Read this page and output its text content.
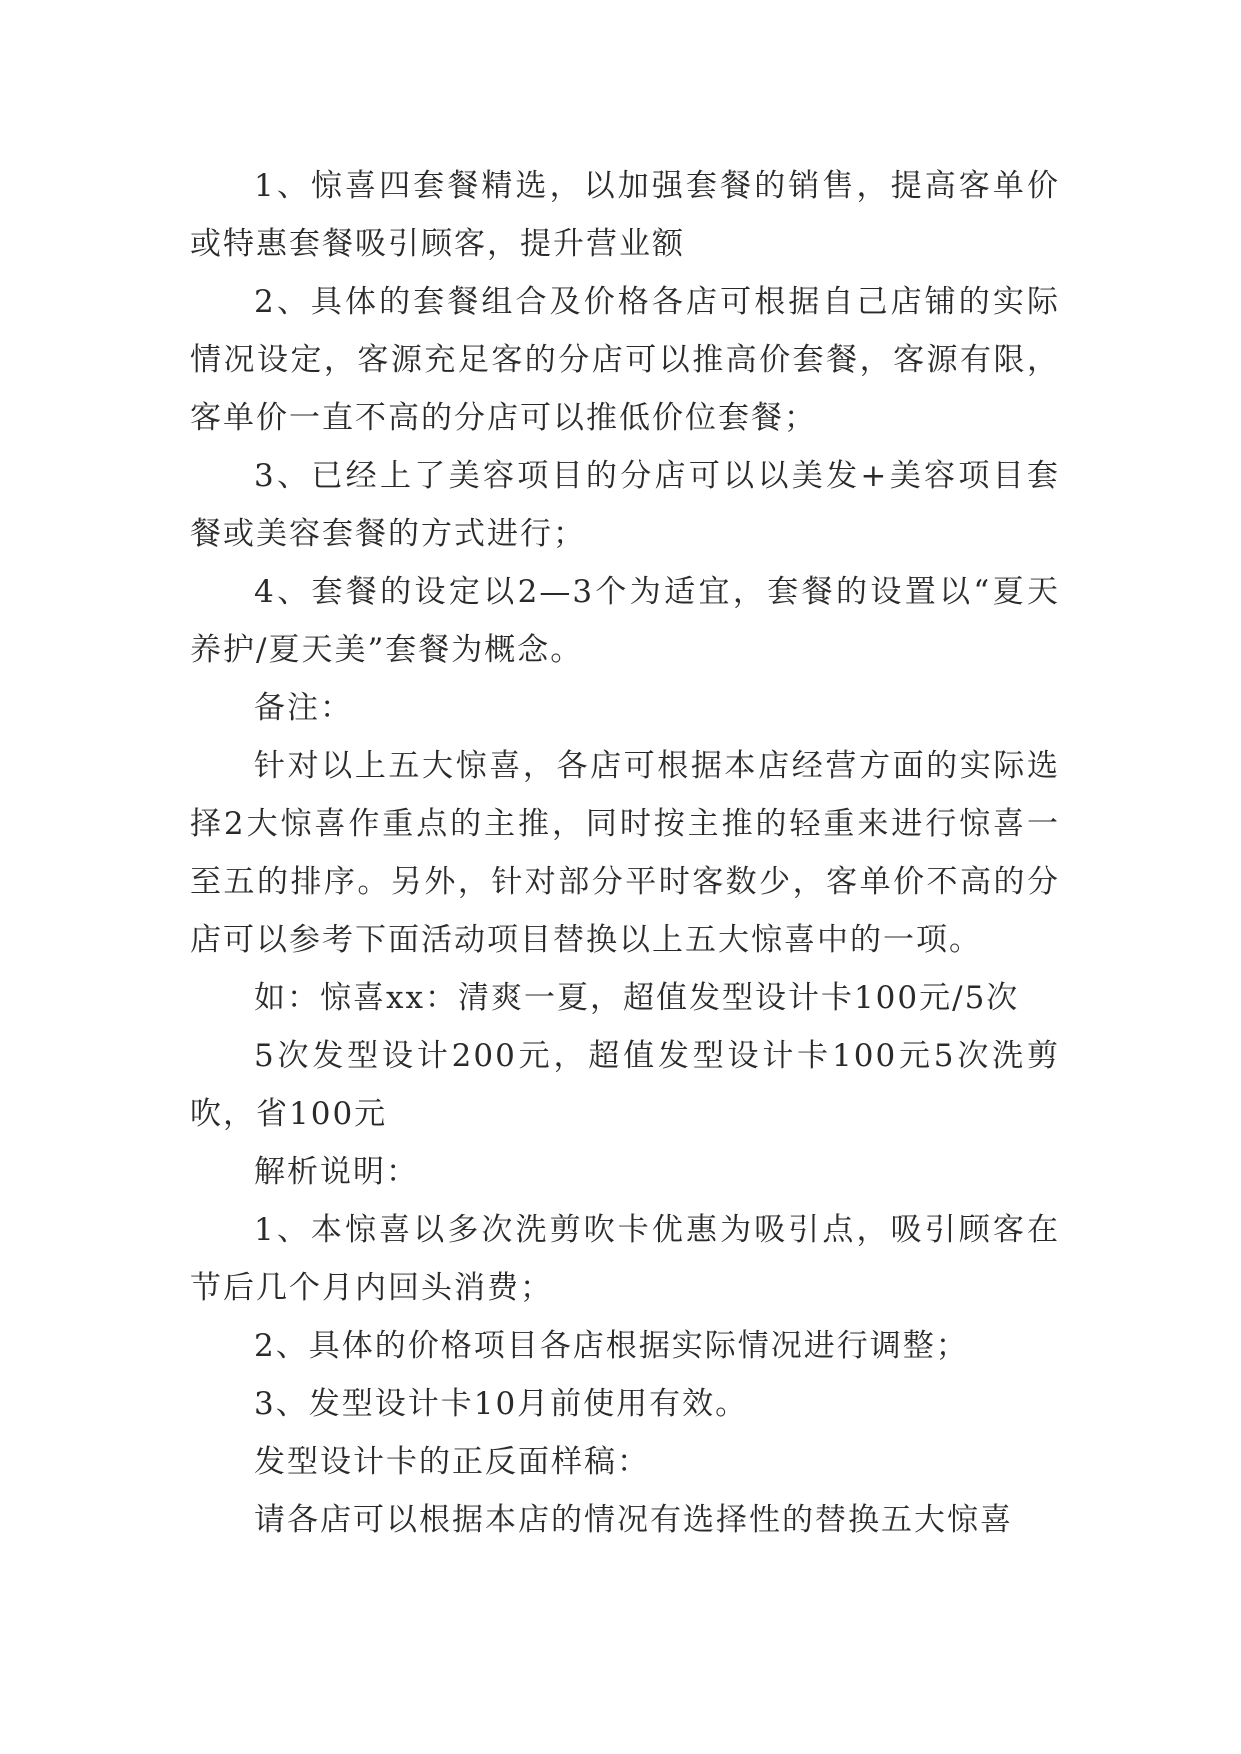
1、惊喜四套餐精选，以加强套餐的销售，提高客单价或特惠套餐吸引顾客，提升营业额

2、具体的套餐组合及价格各店可根据自己店铺的实际情况设定，客源充足客的分店可以推高价套餐，客源有限，客单价一直不高的分店可以推低价位套餐；

3、已经上了美容项目的分店可以以美发+美容项目套餐或美容套餐的方式进行；

4、套餐的设定以2—3个为适宜，套餐的设置以“夏天养护/夏天美”套餐为概念。

备注：

针对以上五大惊喜，各店可根据本店经营方面的实际选择2大惊喜作重点的主推，同时按主推的轻重来进行惊喜一至五的排序。另外，针对部分平时客数少，客单价不高的分店可以参考下面活动项目替换以上五大惊喜中的一项。

如：惊喜xx：清爽一夏，超值发型设计卡100元/5次

5次发型设计200元，超值发型设计卡100元5次洗剪吹，省100元

解析说明：

1、本惊喜以多次洗剪吹卡优惠为吸引点，吸引顾客在节后几个月内回头消费；

2、具体的价格项目各店根据实际情况进行调整；

3、发型设计卡10月前使用有效。

发型设计卡的正反面样稿：

请各店可以根据本店的情况有选择性的替换五大惊喜
